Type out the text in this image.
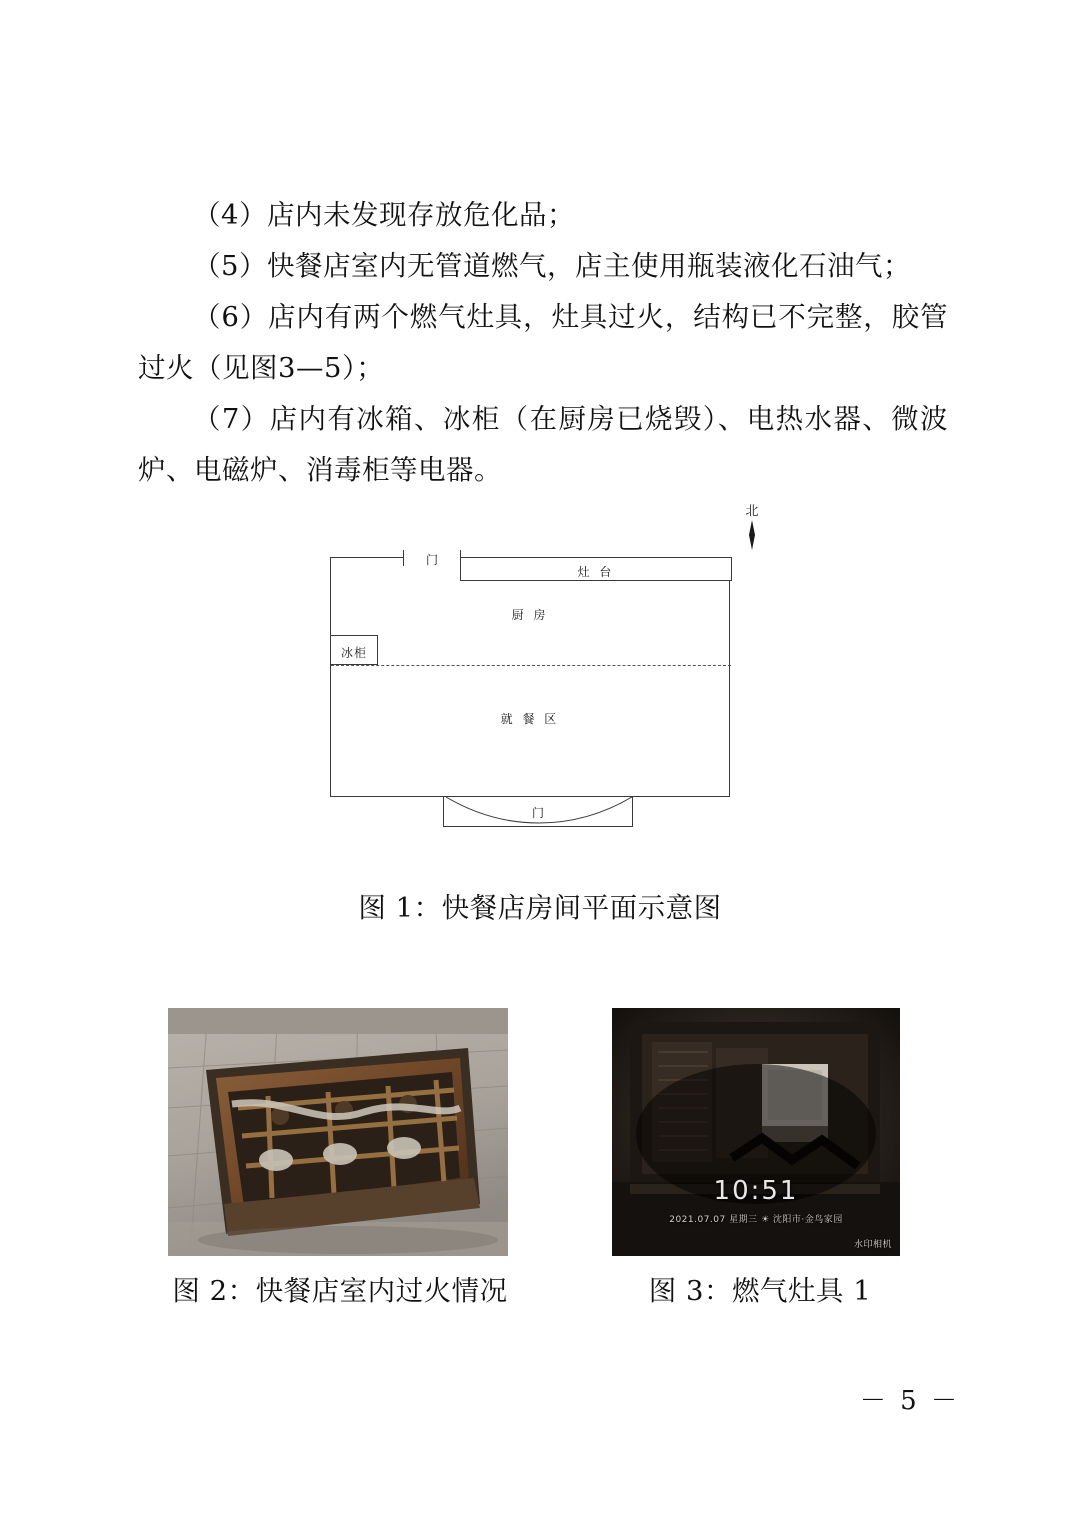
（4）店内未发现存放危化品；

（5）快餐店室内无管道燃气，店主使用瓶装液化石油气；

（6）店内有两个燃气灶具，灶具过火，结构已不完整，胶管过火（见图3—5）；

（7）店内有冰箱、冰柜（在厨房已烧毁）、电热水器、微波炉、电磁炉、消毒柜等电器。

北
门
灶 台
冰柜
厨 房
就 餐 区
门
图 1：快餐店房间平面示意图
10:51
2021.07.07 星期三 ☀ 沈阳市·金鸟家园
水印相机
图 2：快餐店室内过火情况	图 3：燃气灶具 1
－ 5 －
